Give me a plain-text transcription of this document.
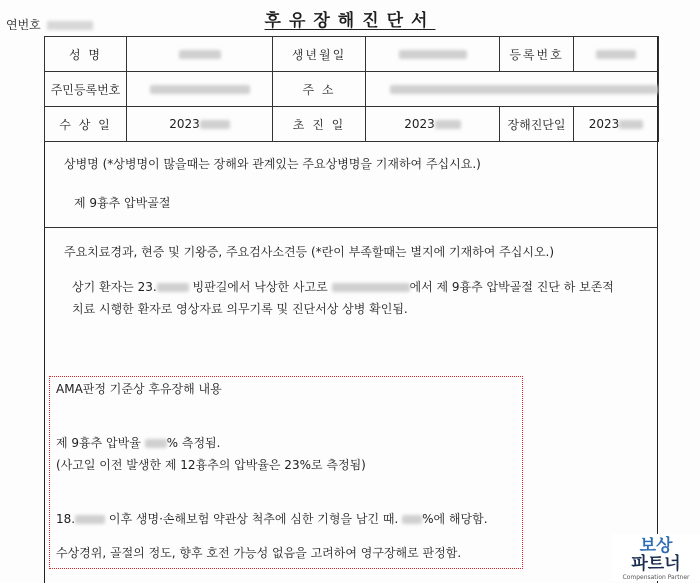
연번호	후유장해진단서
성 명		생년월일		등록번호	
주민등록번호		주 소			
수 상 일	2023	초 진 일	2023	장해진단일	2023
상병명 (*상병명이 많을때는 장해와 관계있는 주요상병명을 기재하여 주십시요.)
제 9흉추 압박골절
주요치료경과, 현증 및 기왕증, 주요검사소견등 (*란이 부족할때는 별지에 기재하여 주십시오.)
상기 환자는 23.	빙판길에서 낙상한 사고로	에서 제 9흉추 압박골절 진단 하 보존적
치료 시행한 환자로 영상자료 의무기록 및 진단서상 상병 확인됨.
AMA판정 기준상 후유장해 내용
제 9흉추 압박율 % 측정됨.
(사고일 이전 발생한 제 12흉추의 압박율은 23%로 측정됨)
18.	이후 생명·손해보험 약관상 척추에 심한 기형을 남긴 때. %에 해당함.
수상경위, 골절의 정도, 향후 호전 가능성 없음을 고려하여 영구장해로 판정함.	보상
파트너
Compensation Partner
